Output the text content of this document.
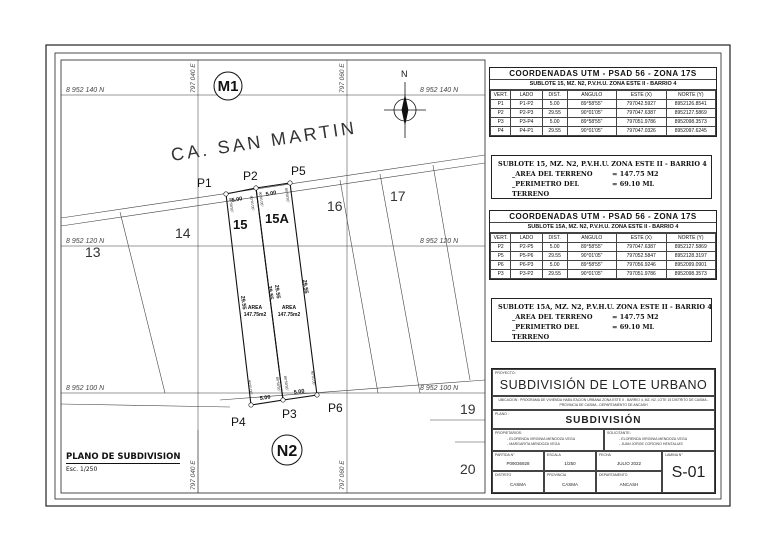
8 952 140 N	8 952 140 N
8 952 120 N	8 952 120 N
8 952 100 N	8 952 100 N
797 040 E	797 060 E
797 040 E	797 060 E
N
CA. SAN MARTIN
M1
N2
14
13
16
17
19
20
15 15A
P1	P2	P5
P4
P3	P6
5.00
5.00
5.00
5.00
29.55
29.55 29.55	29.55
89°58'55"	90°01'05" 90°01'05"	89°58'55"
90°01'05"	89°58'55" 89°58'55"	90°01'05"
AREA
147.75m2
AREA
147.75m2
COORDENADAS UTM - PSAD 56 - ZONA 17S
SUBLOTE 15, MZ. N2, P.V.H.U. ZONA ESTE II - BARRIO 4
VERT.	LADO	DIST.	ANGULO	ESTE (X)	NORTE (Y)
P1	P1-P2	5.00	89°58'55"	797042.5927	8952126.8541
P2	P2-P3	29.55	90°01'05"	797047.6387	8952127.5869
P3	P3-P4	5.00	89°58'55"	797051.9786	8952098.3573
P4	P4-P1	29.55	90°01'05"	797047.0326	8952097.6245
SUBLOTE 15, MZ. N2, P.V.H.U. ZONA ESTE II - BARRIO 4
_AREA DEL TERRENO	= 147.75 M2
_PERIMETRO DEL TERRENO
= 69.10 ML
COORDENADAS UTM - PSAD 56 - ZONA 17S
SUBLOTE 15A, MZ. N2, P.V.H.U. ZONA ESTE II - BARRIO 4
VERT.	LADO	DIST.	ANGULO	ESTE (X)	NORTE (Y)
P2	P2-P5	5.00	89°58'55"	797047.6387	8952127.5869
P5	P5-P6	29.55	90°01'05"	797052.5847	8952128.3197
P6	P6-P3	5.00	89°58'55"	797056.9246	8952099.0901
P3	P3-P2	29.55	90°01'05"	797051.9786	8952098.3573
SUBLOTE 15A, MZ. N2, P.V.H.U. ZONA ESTE II - BARRIO 4
_AREA DEL TERRENO	= 147.75 M2
_PERIMETRO DEL TERRENO
= 69.10 ML
PROYECTO:
SUBDIVISIÓN DE LOTE URBANO
UBICACION : PROGRAMA DE VIVIENDA HABILITACION URBANA ZONA ESTE II - BARRIO 4, MZ. N2, LOTE 15 DISTRITO DE CASMA - PROVINCIA DE CASMA - DEPARTAMENTO DE ANCASH
PLANO :
SUBDIVISIÓN
PROPIETARIOS:
- ELORENDA VIRGINIA MENDOZA VEGA
- MARGARITA MENDOZA VEGA
SOLICITANTE:
- ELORENDA VIRGINIA MENDOZA VEGA
- JUAN JORGE CORCINO HENTALUIS
PARTIDA N°
P09036928
ESCALA
1/250
FECHA
JULIO 2022
LAMINA N°
S-01
DISTRITO
CASMA
PROVINCIA
CASMA
DEPARTAMENTO
ANCASH
PLANO DE SUBDIVISION
Esc. 1/250
